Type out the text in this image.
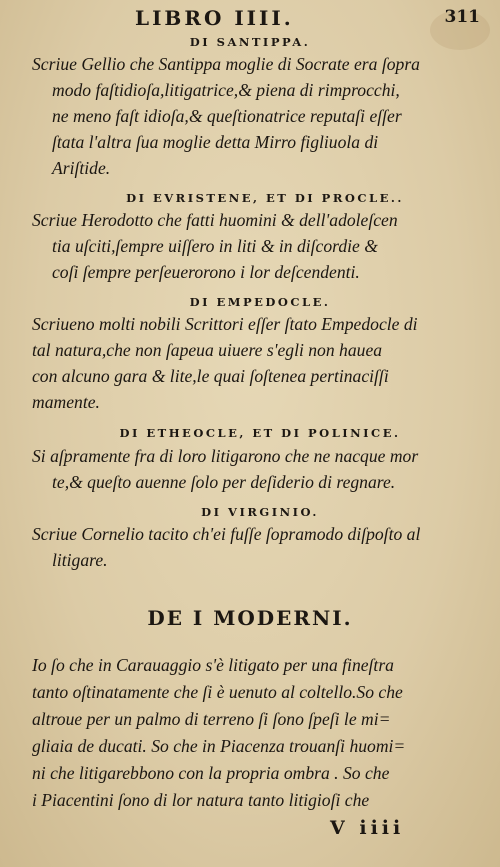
LIBRO IIII.	311
DI SANTIPPA.
Scriue Gellio che Santippa moglie di Socrate era ſopra
modo faſtidioſa,litigatrice,& piena di rimprocchi,
ne meno faſt idioſa,& queſtionatrice reputaſi eſſer
ſtata l'altra ſua moglie detta Mirro figliuola di
Ariſtide.
DI EVRISTENE, ET DI PROCLE..
Scriue Herodotto che fatti huomini & dell'adoleſcen
tia uſciti,ſempre uiſſero in liti & in diſcordie &
coſi ſempre perſeuerorono i lor deſcendenti.
DI EMPEDOCLE.
Scriueno molti nobili Scrittori eſſer ſtato Empedocle di
tal natura,che non ſapeua uiuere s'egli non hauea
con alcuno gara & lite,le quai ſoſtenea pertinaciſſi
mamente.
DI ETHEOCLE, ET DI POLINICE.
Si aſpramente fra di loro litigarono che ne nacque mor
te,& queſto auenne ſolo per deſiderio di regnare.
DI VIRGINIO.
Scriue Cornelio tacito ch'ei fuſſe ſopramodo diſpoſto al
litigare.
DE I MODERNI.
Io ſo che in Carauaggio s'è litigato per una fineſtra
tanto oſtinatamente che ſi è uenuto al coltello.So che
altroue per un palmo di terreno ſi ſono ſpeſi le mi=
gliaia de ducati. So che in Piacenza trouanſi huomi=
ni che litigarebbono con la propria ombra . So che
i Piacentini ſono di lor natura tanto litigioſi che
V iiii
